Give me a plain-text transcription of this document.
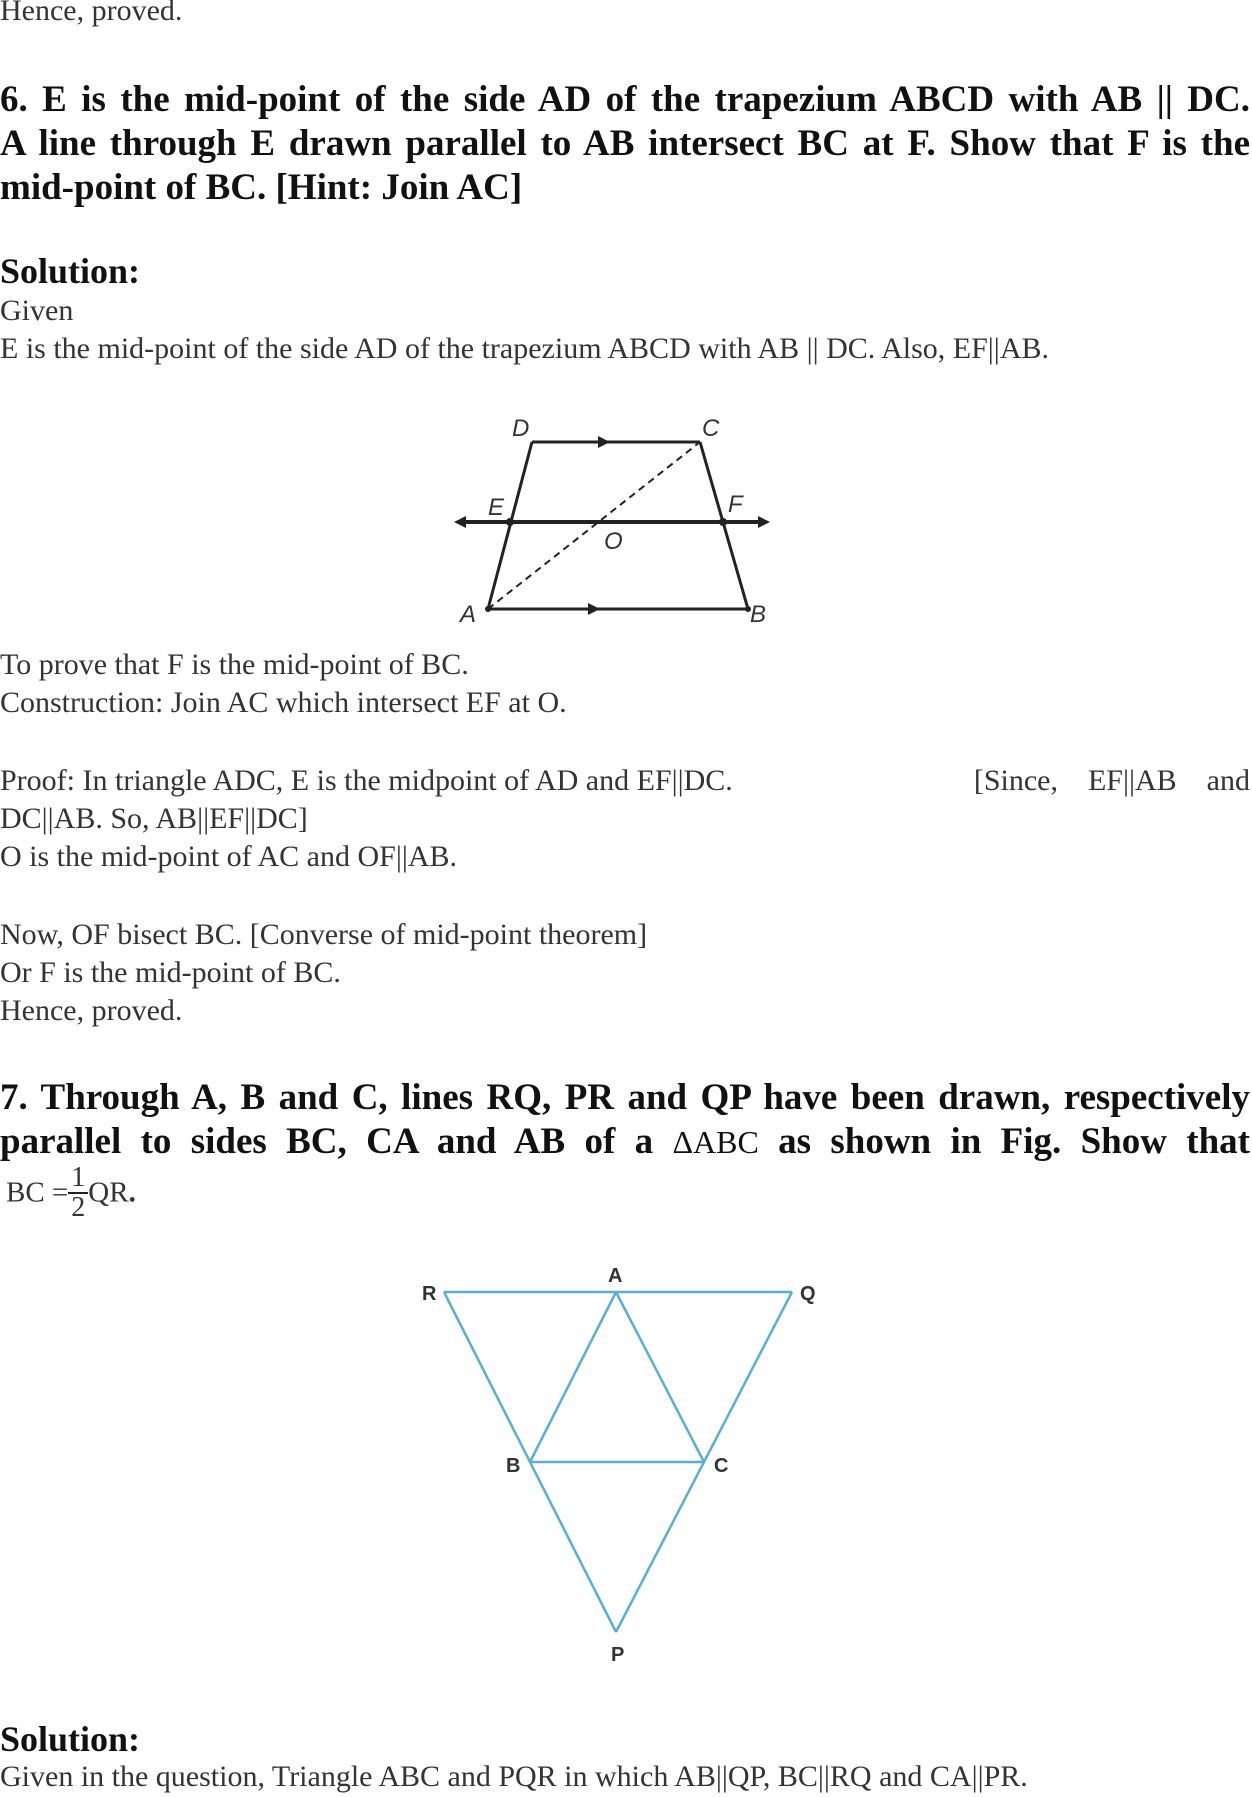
Hence, proved.
6. E is the mid-point of the side AD of the trapezium ABCD with AB || DC.
A line through E drawn parallel to AB intersect BC at F. Show that F is the
mid-point of BC. [Hint: Join AC]
Solution:
Given
E is the mid-point of the side AD of the trapezium ABCD with AB || DC. Also, EF||AB.
D	C
E	F
O
A	B
To prove that F is the mid-point of BC.
Construction: Join AC which intersect EF at O.
Proof: In triangle ADC, E is the midpoint of AD and EF||DC.	[Since,    EF||AB    and
DC||AB. So, AB||EF||DC]
O is the mid-point of AC and OF||AB.
Now, OF bisect BC. [Converse of mid-point theorem]
Or F is the mid-point of BC.
Hence, proved.
7. Through A, B and C, lines RQ, PR and QP have been drawn, respectively
parallel to sides BC, CA and AB of a ΔABC as shown in Fig. Show that
BC = $\frac{1}{2}$ QR.
R
A
Q
B	C
P
Solution:
Given in the question, Triangle ABC and PQR in which AB||QP, BC||RQ and CA||PR.
